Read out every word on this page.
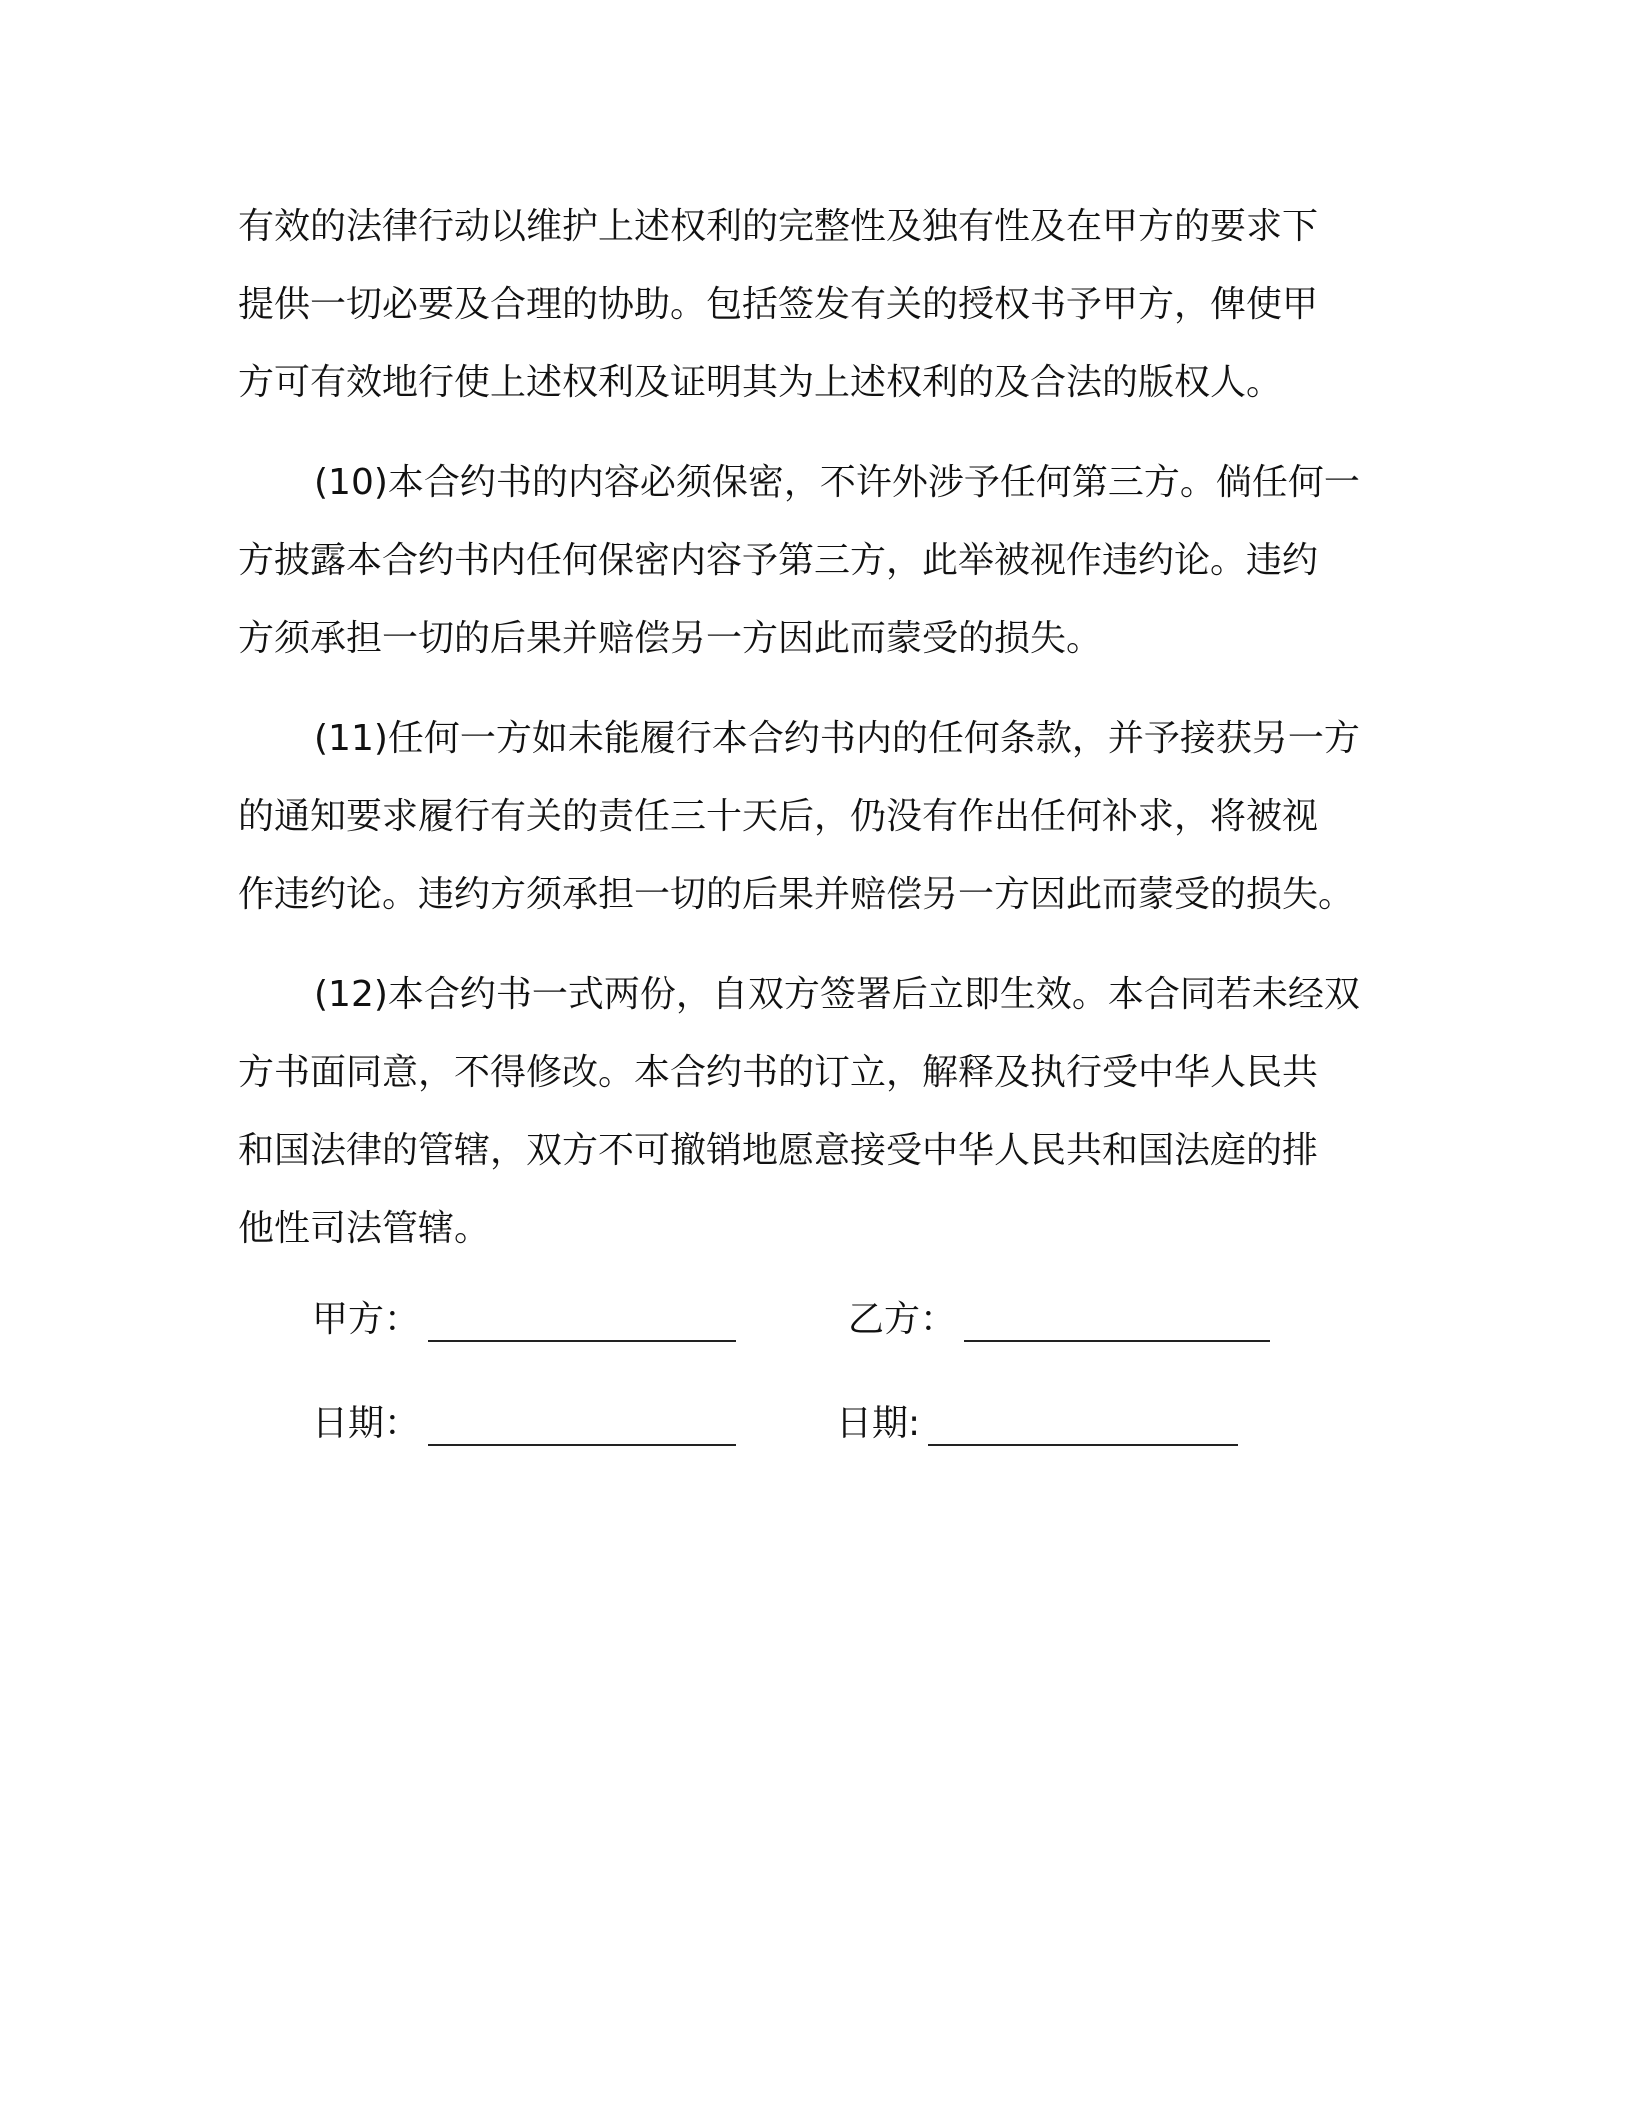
有效的法律行动以维护上述权利的完整性及独有性及在甲方的要求下
提供一切必要及合理的协助。包括签发有关的授权书予甲方，俾使甲
方可有效地行使上述权利及证明其为上述权利的及合法的版权人。
(10)本合约书的内容必须保密，不许外涉予任何第三方。倘任何一
方披露本合约书内任何保密内容予第三方，此举被视作违约论。违约
方须承担一切的后果并赔偿另一方因此而蒙受的损失。
(11)任何一方如未能履行本合约书内的任何条款，并予接获另一方
的通知要求履行有关的责任三十天后，仍没有作出任何补求，将被视
作违约论。违约方须承担一切的后果并赔偿另一方因此而蒙受的损失。
(12)本合约书一式两份，自双方签署后立即生效。本合同若未经双
方书面同意，不得修改。本合约书的订立，解释及执行受中华人民共
和国法律的管辖，双方不可撤销地愿意接受中华人民共和国法庭的排
他性司法管辖。
甲方：	乙方：
日期：	日期:
